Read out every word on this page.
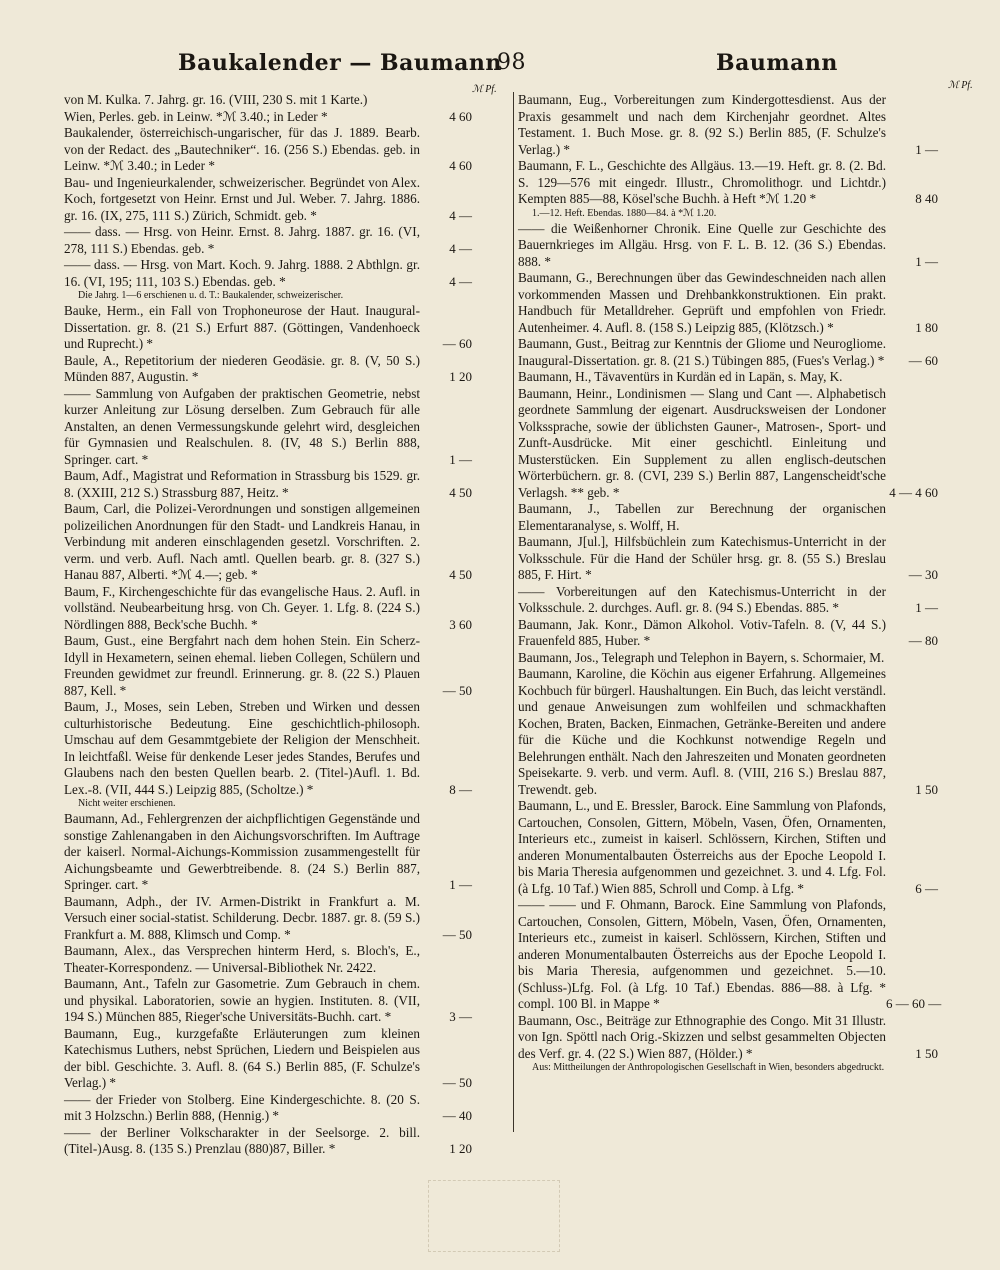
Baukalender — Baumann
98	Baumann
ℳ Pf.	ℳ Pf.

von M. Kulka. 7. Jahrg. gr. 16. (VIII, 230 S. mit 1 Karte.)

Wien, Perles. geb. in Leinw. *ℳ 3.40.; in Leder *	4 60

Baukalender, österreichisch-ungarischer, für das J. 1889. Bearb. von der Redact. des „Bautechniker“. 16. (256 S.) Ebendas. geb. in Leinw. *ℳ 3.40.; in Leder *	4 60

Bau- und Ingenieurkalender, schweizerischer. Begründet von Alex. Koch, fortgesetzt von Heinr. Ernst und Jul. Weber. 7. Jahrg. 1886. gr. 16. (IX, 275, 111 S.) Zürich, Schmidt. geb. *	4 —

—— dass. — Hrsg. von Heinr. Ernst. 8. Jahrg. 1887. gr. 16. (VI, 278, 111 S.) Ebendas. geb. *	4 —

—— dass. — Hrsg. von Mart. Koch. 9. Jahrg. 1888. 2 Abthlgn. gr. 16. (VI, 195; 111, 103 S.) Ebendas. geb. *	4 —

Die Jahrg. 1—6 erschienen u. d. T.: Baukalender, schweizerischer.

Bauke, Herm., ein Fall von Trophoneurose der Haut. Inaugural-Dissertation. gr. 8. (21 S.) Erfurt 887. (Göttingen, Vandenhoeck und Ruprecht.) *	— 60

Baule, A., Repetitorium der niederen Geodäsie. gr. 8. (V, 50 S.) Münden 887, Augustin. *	1 20

—— Sammlung von Aufgaben der praktischen Geometrie, nebst kurzer Anleitung zur Lösung derselben. Zum Gebrauch für alle Anstalten, an denen Vermessungskunde gelehrt wird, desgleichen für Gymnasien und Realschulen. 8. (IV, 48 S.) Berlin 888, Springer. cart. *	1 —

Baum, Adf., Magistrat und Reformation in Strassburg bis 1529. gr. 8. (XXIII, 212 S.) Strassburg 887, Heitz. *	4 50

Baum, Carl, die Polizei-Verordnungen und sonstigen allgemeinen polizeilichen Anordnungen für den Stadt- und Landkreis Hanau, in Verbindung mit anderen einschlagenden gesetzl. Vorschriften. 2. verm. und verb. Aufl. Nach amtl. Quellen bearb. gr. 8. (327 S.) Hanau 887, Alberti. *ℳ 4.—; geb. *	4 50

Baum, F., Kirchengeschichte für das evangelische Haus. 2. Aufl. in vollständ. Neubearbeitung hrsg. von Ch. Geyer. 1. Lfg. 8. (224 S.) Nördlingen 888, Beck'sche Buchh. *	3 60

Baum, Gust., eine Bergfahrt nach dem hohen Stein. Ein Scherz-Idyll in Hexametern, seinen ehemal. lieben Collegen, Schülern und Freunden gewidmet zur freundl. Erinnerung. gr. 8. (22 S.) Plauen 887, Kell. *	— 50

Baum, J., Moses, sein Leben, Streben und Wirken und dessen culturhistorische Bedeutung. Eine geschichtlich-philosoph. Umschau auf dem Gesammtgebiete der Religion der Menschheit. In leichtfaßl. Weise für denkende Leser jedes Standes, Berufes und Glaubens nach den besten Quellen bearb. 2. (Titel-)Aufl. 1. Bd. Lex.-8. (VII, 444 S.) Leipzig 885, (Scholtze.) *	8 —

Nicht weiter erschienen.

Baumann, Ad., Fehlergrenzen der aichpflichtigen Gegenstände und sonstige Zahlenangaben in den Aichungsvorschriften. Im Auftrage der kaiserl. Normal-Aichungs-Kommission zusammengestellt für Aichungsbeamte und Gewerbtreibende. 8. (24 S.) Berlin 887, Springer. cart. *	1 —

Baumann, Adph., der IV. Armen-Distrikt in Frankfurt a. M. Versuch einer social-statist. Schilderung. Decbr. 1887. gr. 8. (59 S.) Frankfurt a. M. 888, Klimsch und Comp. *	— 50

Baumann, Alex., das Versprechen hinterm Herd, s. Bloch's, E., Theater-Korrespondenz. — Universal-Bibliothek Nr. 2422.

Baumann, Ant., Tafeln zur Gasometrie. Zum Gebrauch in chem. und physikal. Laboratorien, sowie an hygien. Instituten. 8. (VII, 194 S.) München 885, Rieger'sche Universitäts-Buchh. cart. *	3 —

Baumann, Eug., kurzgefaßte Erläuterungen zum kleinen Katechismus Luthers, nebst Sprüchen, Liedern und Beispielen aus der bibl. Geschichte. 3. Aufl. 8. (64 S.) Berlin 885, (F. Schulze's Verlag.) *	— 50

—— der Frieder von Stolberg. Eine Kindergeschichte. 8. (20 S. mit 3 Holzschn.) Berlin 888, (Hennig.) *	— 40

—— der Berliner Volkscharakter in der Seelsorge. 2. bill. (Titel-)Ausg. 8. (135 S.) Prenzlau (880)87, Biller. *	1 20

Baumann, Eug., Vorbereitungen zum Kindergottesdienst. Aus der Praxis gesammelt und nach dem Kirchenjahr geordnet. Altes Testament. 1. Buch Mose. gr. 8. (92 S.) Berlin 885, (F. Schulze's Verlag.) *	1 —

Baumann, F. L., Geschichte des Allgäus. 13.—19. Heft. gr. 8. (2. Bd. S. 129—576 mit eingedr. Illustr., Chromolithogr. und Lichtdr.) Kempten 885—88, Kösel'sche Buchh. à Heft *ℳ 1.20 *	8 40

1.—12. Heft. Ebendas. 1880—84. à *ℳ 1.20.

—— die Weißenhorner Chronik. Eine Quelle zur Geschichte des Bauernkrieges im Allgäu. Hrsg. von F. L. B. 12. (36 S.) Ebendas. 888. *	1 —

Baumann, G., Berechnungen über das Gewindeschneiden nach allen vorkommenden Massen und Drehbankkonstruktionen. Ein prakt. Handbuch für Metalldreher. Geprüft und empfohlen von Friedr. Autenheimer. 4. Aufl. 8. (158 S.) Leipzig 885, (Klötzsch.) *	1 80

Baumann, Gust., Beitrag zur Kenntnis der Gliome und Neurogliome. Inaugural-Dissertation. gr. 8. (21 S.) Tübingen 885, (Fues's Verlag.) *	— 60

Baumann, H., Tävaventürs in Kurdän ed in Lapän, s. May, K.

Baumann, Heinr., Londinismen — Slang und Cant —. Alphabetisch geordnete Sammlung der eigenart. Ausdrucksweisen der Londoner Volkssprache, sowie der üblichsten Gauner-, Matrosen-, Sport- und Zunft-Ausdrücke. Mit einer geschichtl. Einleitung und Musterstücken. Ein Supplement zu allen englisch-deutschen Wörterbüchern. gr. 8. (CVI, 239 S.) Berlin 887, Langenscheidt'sche Verlagsh. ** geb. *	4 — 4 60

Baumann, J., Tabellen zur Berechnung der organischen Elementaranalyse, s. Wolff, H.

Baumann, J[ul.], Hilfsbüchlein zum Katechismus-Unterricht in der Volksschule. Für die Hand der Schüler hrsg. gr. 8. (55 S.) Breslau 885, F. Hirt. *	— 30

—— Vorbereitungen auf den Katechismus-Unterricht in der Volksschule. 2. durchges. Aufl. gr. 8. (94 S.) Ebendas. 885. *	1 —

Baumann, Jak. Konr., Dämon Alkohol. Votiv-Tafeln. 8. (V, 44 S.) Frauenfeld 885, Huber. *	— 80

Baumann, Jos., Telegraph und Telephon in Bayern, s. Schormaier, M.

Baumann, Karoline, die Köchin aus eigener Erfahrung. Allgemeines Kochbuch für bürgerl. Haushaltungen. Ein Buch, das leicht verständl. und genaue Anweisungen zum wohlfeilen und schmackhaften Kochen, Braten, Backen, Einmachen, Getränke-Bereiten und andere für die Küche und die Kochkunst notwendige Regeln und Belehrungen enthält. Nach den Jahreszeiten und Monaten geordneten Speisekarte. 9. verb. und verm. Aufl. 8. (VIII, 216 S.) Breslau 887, Trewendt. geb.	1 50

Baumann, L., und E. Bressler, Barock. Eine Sammlung von Plafonds, Cartouchen, Consolen, Gittern, Möbeln, Vasen, Öfen, Ornamenten, Interieurs etc., zumeist in kaiserl. Schlössern, Kirchen, Stiften und anderen Monumentalbauten Österreichs aus der Epoche Leopold I. bis Maria Theresia aufgenommen und gezeichnet. 3. und 4. Lfg. Fol. (à Lfg. 10 Taf.) Wien 885, Schroll und Comp. à Lfg. *	6 —

—— —— und F. Ohmann, Barock. Eine Sammlung von Plafonds, Cartouchen, Consolen, Gittern, Möbeln, Vasen, Öfen, Ornamenten, Interieurs etc., zumeist in kaiserl. Schlössern, Kirchen, Stiften und anderen Monumentalbauten Österreichs aus der Epoche Leopold I. bis Maria Theresia, aufgenommen und gezeichnet. 5.—10. (Schluss-)Lfg. Fol. (à Lfg. 10 Taf.) Ebendas. 886—88. à Lfg. * compl. 100 Bl. in Mappe *	6 — 60 —

Baumann, Osc., Beiträge zur Ethnographie des Congo. Mit 31 Illustr. von Ign. Spöttl nach Orig.-Skizzen und selbst gesammelten Objecten des Verf. gr. 4. (22 S.) Wien 887, (Hölder.) *	1 50

Aus: Mittheilungen der Anthropologischen Gesellschaft in Wien, besonders abgedruckt.
